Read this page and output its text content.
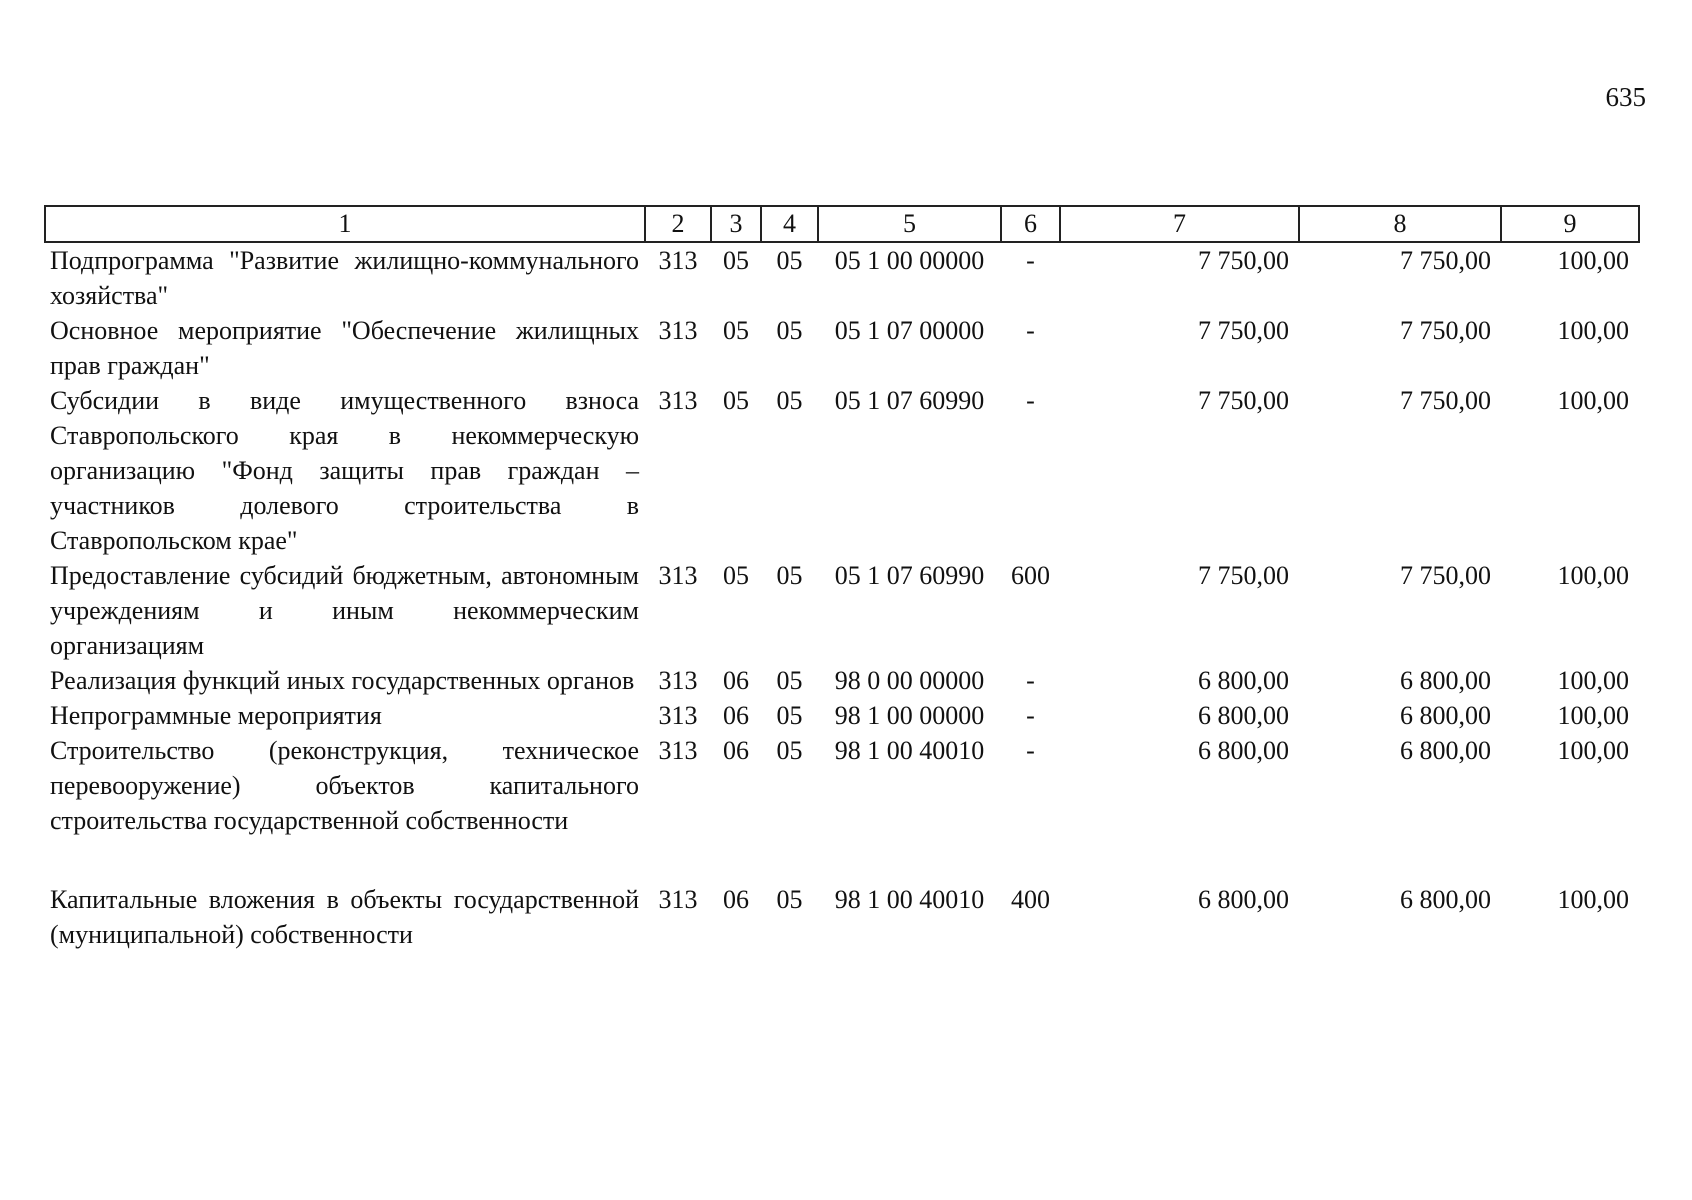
635
1	2	3	4	5	6	7	8	9
Подпрограмма "Развитие жилищно-коммунального хозяйства"	313	05	05	05 1 00 00000	-	7 750,00	7 750,00	100,00
Основное мероприятие "Обеспечение жилищных прав граждан"	313	05	05	05 1 07 00000	-	7 750,00	7 750,00	100,00
Субсидии в виде имущественного взноса Ставропольского края в некоммерческую организацию "Фонд защиты прав граждан – участников долевого строительства в Ставропольском крае"	313	05	05	05 1 07 60990	-	7 750,00	7 750,00	100,00
Предоставление субсидий бюджетным, автономным учреждениям и иным некоммерческим организациям	313	05	05	05 1 07 60990	600	7 750,00	7 750,00	100,00
Реализация функций иных государственных органов	313	06	05	98 0 00 00000	-	6 800,00	6 800,00	100,00
Непрограммные мероприятия	313	06	05	98 1 00 00000	-	6 800,00	6 800,00	100,00
Строительство (реконструкция, техническое перевооружение) объектов капитального строительства государственной собственности	313	06	05	98 1 00 40010	-	6 800,00	6 800,00	100,00

Капитальные вложения в объекты государственной (муниципальной) собственности	313	06	05	98 1 00 40010	400	6 800,00	6 800,00	100,00
